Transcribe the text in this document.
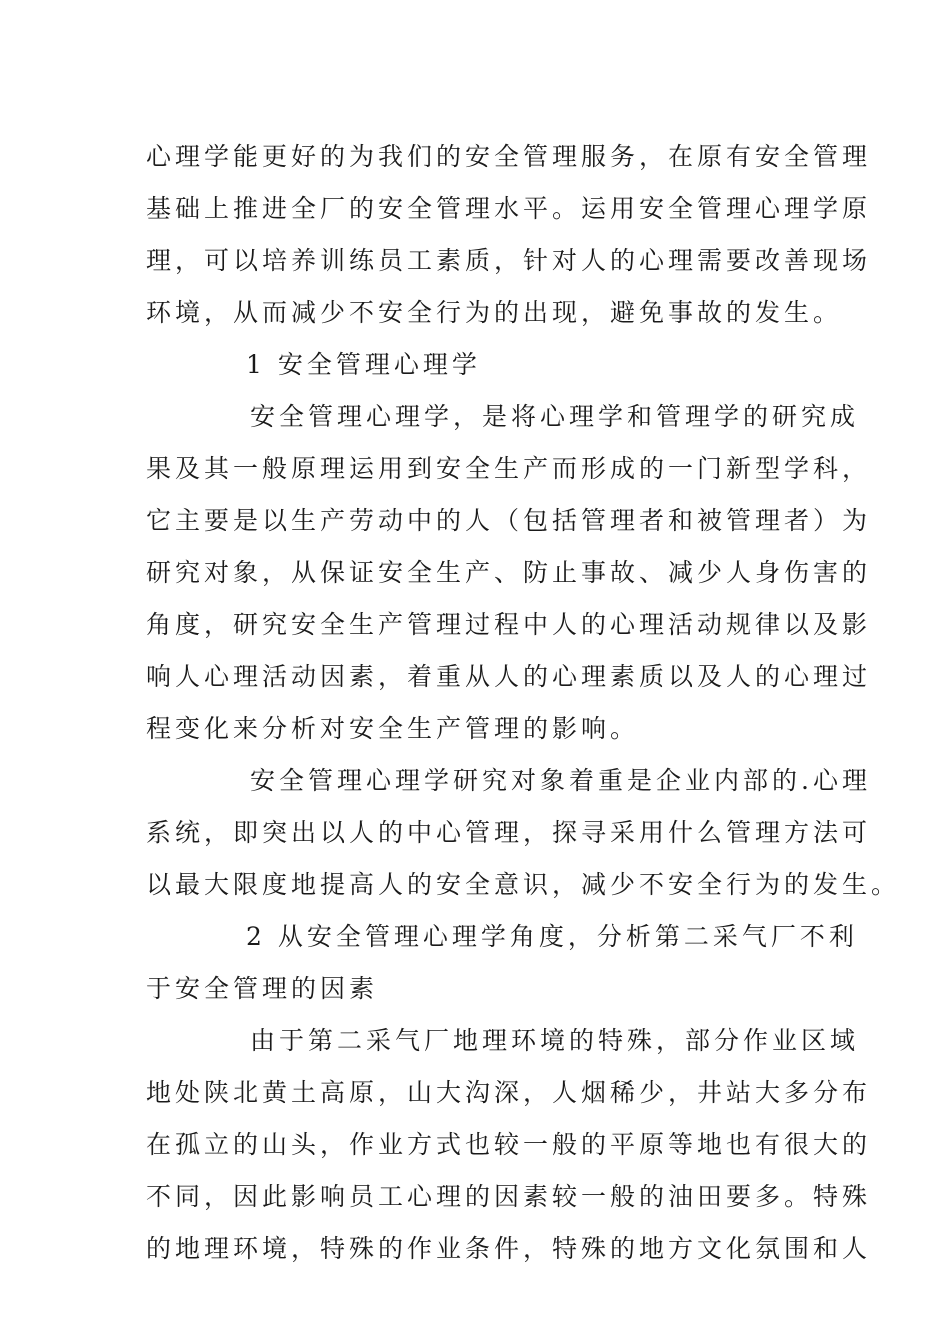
心理学能更好的为我们的安全管理服务，在原有安全管理
基础上推进全厂的安全管理水平。运用安全管理心理学原
理，可以培养训练员工素质，针对人的心理需要改善现场
环境，从而减少不安全行为的出现，避免事故的发生。
1 安全管理心理学
安全管理心理学，是将心理学和管理学的研究成
果及其一般原理运用到安全生产而形成的一门新型学科，
它主要是以生产劳动中的人（包括管理者和被管理者）为
研究对象，从保证安全生产、防止事故、减少人身伤害的
角度，研究安全生产管理过程中人的心理活动规律以及影
响人心理活动因素，着重从人的心理素质以及人的心理过
程变化来分析对安全生产管理的影响。
安全管理心理学研究对象着重是企业内部的.心理
系统，即突出以人的中心管理，探寻采用什么管理方法可
以最大限度地提高人的安全意识，减少不安全行为的发生。
2 从安全管理心理学角度，分析第二采气厂不利
于安全管理的因素
由于第二采气厂地理环境的特殊，部分作业区域
地处陕北黄土高原，山大沟深，人烟稀少，井站大多分布
在孤立的山头，作业方式也较一般的平原等地也有很大的
不同，因此影响员工心理的因素较一般的油田要多。特殊
的地理环境，特殊的作业条件，特殊的地方文化氛围和人
